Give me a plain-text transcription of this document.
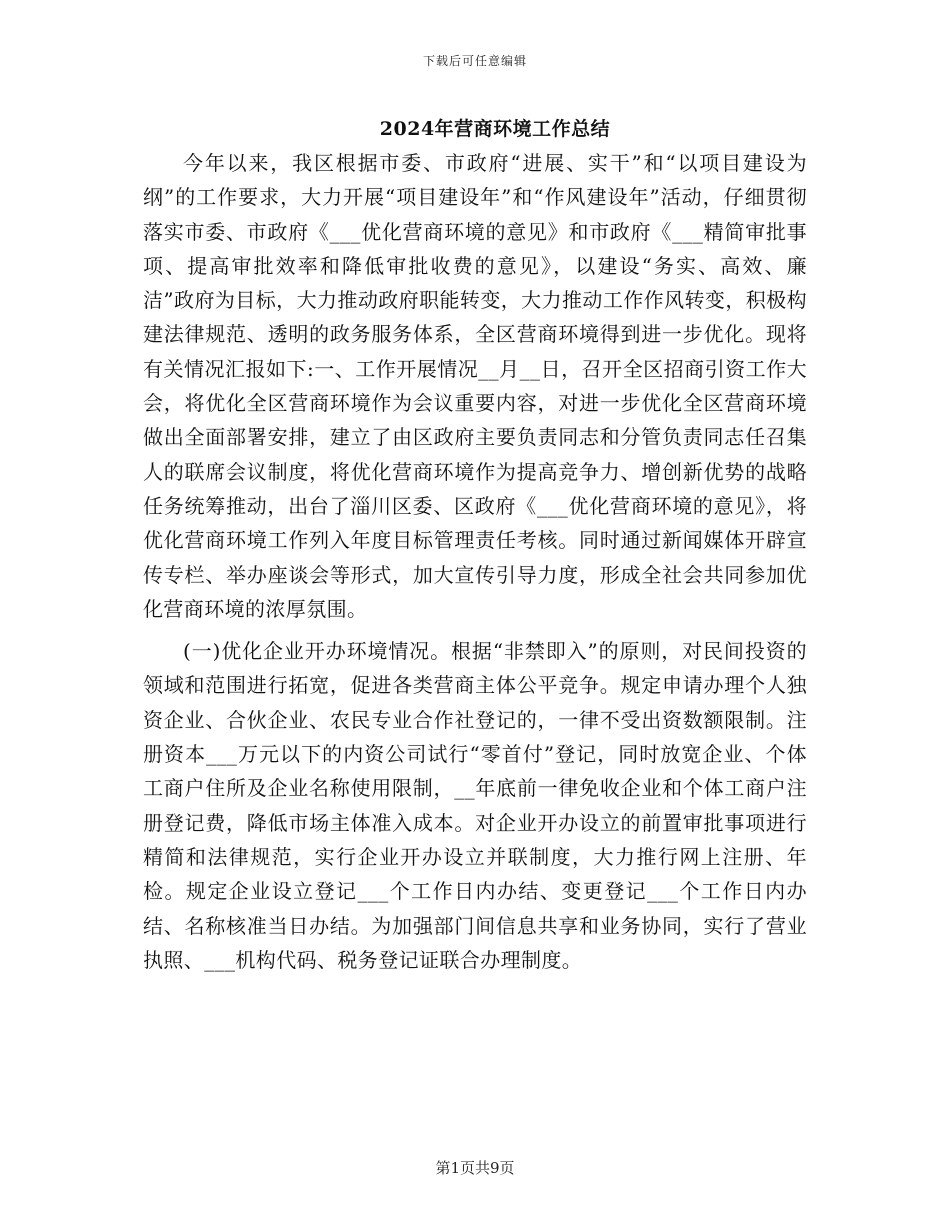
下载后可任意编辑
2024年营商环境工作总结

今年以来，我区根据市委、市政府“进展、实干”和“以项目建设为纲”的工作要求，大力开展“项目建设年”和“作风建设年”活动，仔细贯彻落实市委、市政府《___优化营商环境的意见》和市政府《___精简审批事项、提高审批效率和降低审批收费的意见》，以建设“务实、高效、廉洁”政府为目标，大力推动政府职能转变，大力推动工作作风转变，积极构建法律规范、透明的政务服务体系，全区营商环境得到进一步优化。现将有关情况汇报如下:一、工作开展情况__月__日，召开全区招商引资工作大会，将优化全区营商环境作为会议重要内容，对进一步优化全区营商环境做出全面部署安排，建立了由区政府主要负责同志和分管负责同志任召集人的联席会议制度，将优化营商环境作为提高竞争力、增创新优势的战略任务统筹推动，出台了淄川区委、区政府《___优化营商环境的意见》，将优化营商环境工作列入年度目标管理责任考核。同时通过新闻媒体开辟宣传专栏、举办座谈会等形式，加大宣传引导力度，形成全社会共同参加优化营商环境的浓厚氛围。

(一)优化企业开办环境情况。根据“非禁即入”的原则，对民间投资的领域和范围进行拓宽，促进各类营商主体公平竞争。规定申请办理个人独资企业、合伙企业、农民专业合作社登记的，一律不受出资数额限制。注册资本___万元以下的内资公司试行“零首付”登记，同时放宽企业、个体工商户住所及企业名称使用限制，__年底前一律免收企业和个体工商户注册登记费，降低市场主体准入成本。对企业开办设立的前置审批事项进行精简和法律规范，实行企业开办设立并联制度，大力推行网上注册、年检。规定企业设立登记___个工作日内办结、变更登记___个工作日内办结、名称核准当日办结。为加强部门间信息共享和业务协同，实行了营业执照、___机构代码、税务登记证联合办理制度。

第1页共9页
